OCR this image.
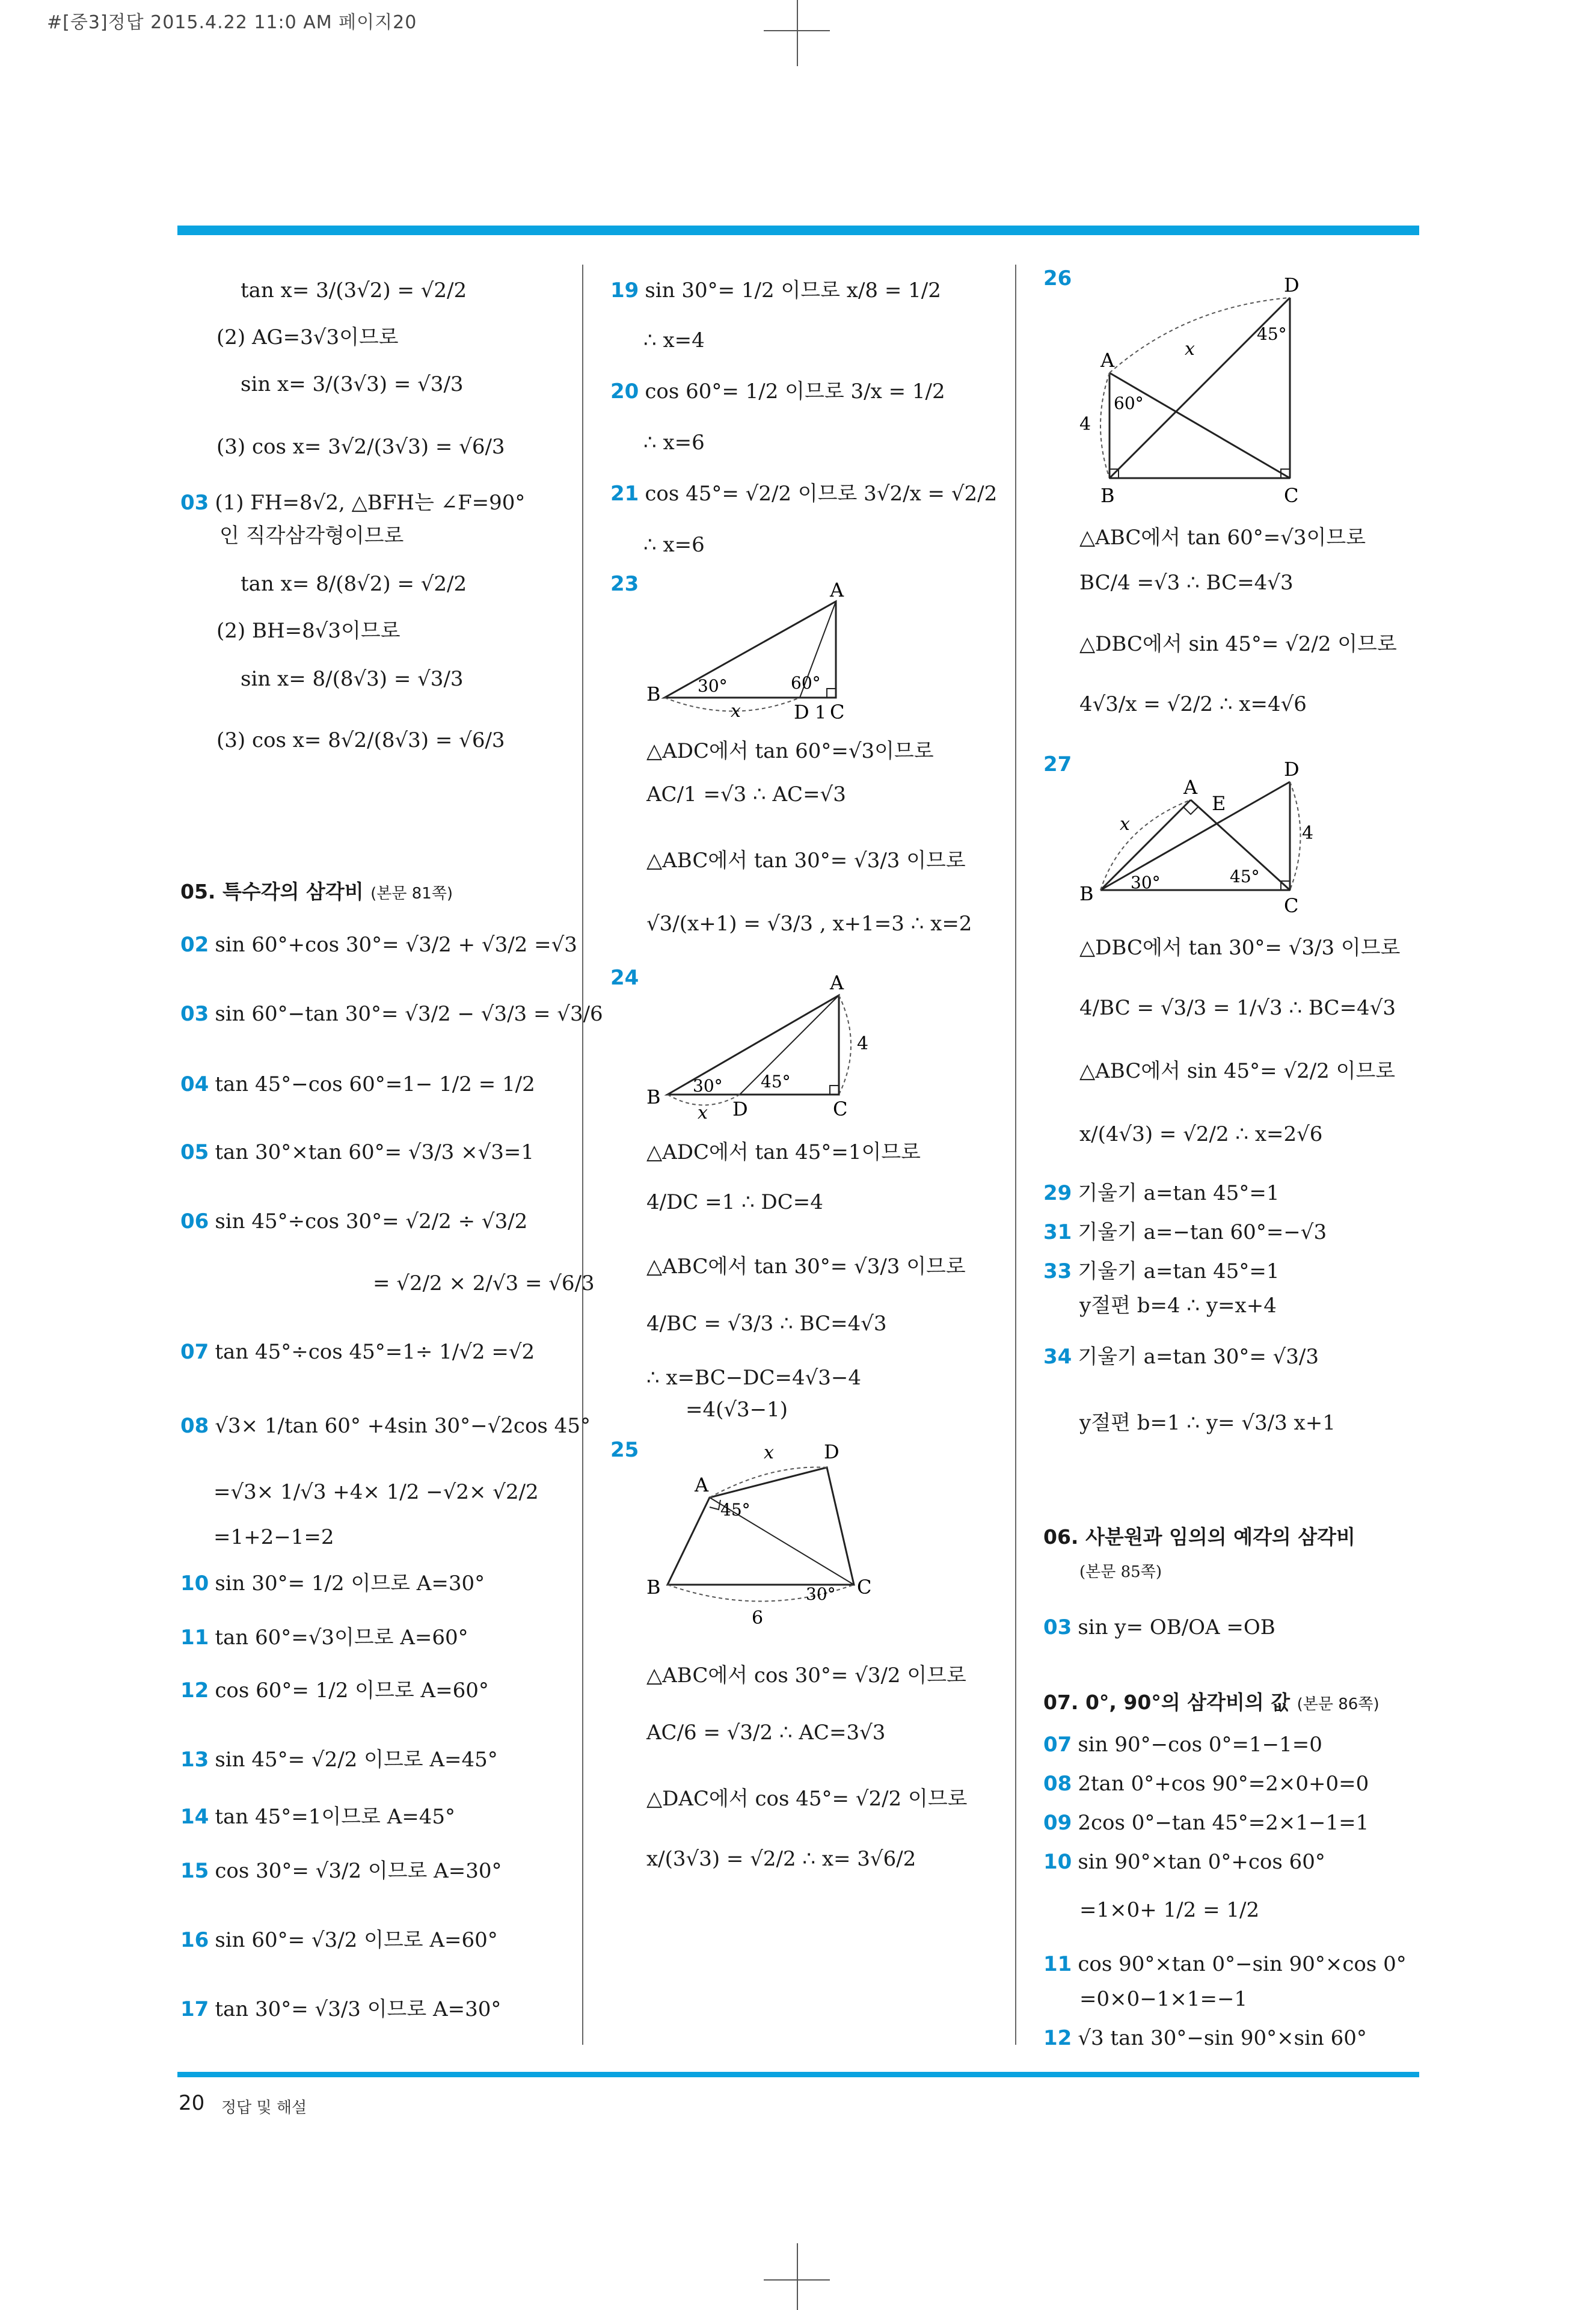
#[중3]정답 2015.4.22 11:0 AM 페이지20
tan x= 3/(3√2) = √2/2
(2) AG=3√3이므로
sin x= 3/(3√3) = √3/3
(3) cos x= 3√2/(3√3) = √6/3
03 (1) FH=8√2, △BFH는 ∠F=90°
인 직각삼각형이므로
tan x= 8/(8√2) = √2/2
(2) BH=8√3이므로
sin x= 8/(8√3) = √3/3
(3) cos x= 8√2/(8√3) = √6/3
05. 특수각의 삼각비 (본문 81쪽)
02 sin 60°+cos 30°= √3/2 + √3/2 =√3
03 sin 60°−tan 30°= √3/2 − √3/3 = √3/6
04 tan 45°−cos 60°=1− 1/2 = 1/2
05 tan 30°×tan 60°= √3/3 ×√3=1
06 sin 45°÷cos 30°= √2/2 ÷ √3/2
= √2/2 × 2/√3 = √6/3
07 tan 45°÷cos 45°=1÷ 1/√2 =√2
08 √3× 1/tan 60° +4sin 30°−√2cos 45°
=√3× 1/√3 +4× 1/2 −√2× √2/2
=1+2−1=2
10 sin 30°= 1/2 이므로 A=30°
11 tan 60°=√3이므로 A=60°
12 cos 60°= 1/2 이므로 A=60°
13 sin 45°= √2/2 이므로 A=45°
14 tan 45°=1이므로 A=45°
15 cos 30°= √3/2 이므로 A=30°
16 sin 60°= √3/2 이므로 A=60°
17 tan 30°= √3/3 이므로 A=30°
19 sin 30°= 1/2 이므로 x/8 = 1/2
∴ x=4
20 cos 60°= 1/2 이므로 3/x = 1/2
∴ x=6
21 cos 45°= √2/2 이므로 3√2/x = √2/2
∴ x=6
23
△ADC에서 tan 60°=√3이므로
AC/1 =√3 ∴ AC=√3
△ABC에서 tan 30°= √3/3 이므로
√3/(x+1) = √3/3 , x+1=3 ∴ x=2
24
△ADC에서 tan 45°=1이므로
4/DC =1 ∴ DC=4
△ABC에서 tan 30°= √3/3 이므로
4/BC = √3/3 ∴ BC=4√3
∴ x=BC−DC=4√3−4
=4(√3−1)
25
△ABC에서 cos 30°= √3/2 이므로
AC/6 = √3/2 ∴ AC=3√3
△DAC에서 cos 45°= √2/2 이므로
x/(3√3) = √2/2 ∴ x= 3√6/2
26
△ABC에서 tan 60°=√3이므로
BC/4 =√3 ∴ BC=4√3
△DBC에서 sin 45°= √2/2 이므로
4√3/x = √2/2 ∴ x=4√6
27
△DBC에서 tan 30°= √3/3 이므로
4/BC = √3/3 = 1/√3 ∴ BC=4√3
△ABC에서 sin 45°= √2/2 이므로
x/(4√3) = √2/2 ∴ x=2√6
29 기울기 a=tan 45°=1
31 기울기 a=−tan 60°=−√3
33 기울기 a=tan 45°=1
y절편 b=4 ∴ y=x+4
34 기울기 a=tan 30°= √3/3
y절편 b=1 ∴ y= √3/3 x+1
06. 사분원과 임의의 예각의 삼각비
(본문 85쪽)
03 sin y= OB/OA =OB
07. 0°, 90°의 삼각비의 값 (본문 86쪽)
07 sin 90°−cos 0°=1−1=0
08 2tan 0°+cos 90°=2×0+0=0
09 2cos 0°−tan 45°=2×1−1=1
10 sin 90°×tan 0°+cos 60°
=1×0+ 1/2 = 1/2
11 cos 90°×tan 0°−sin 90°×cos 0°
=0×0−1×1=−1
12 √3 tan 30°−sin 90°×sin 60°
A
B
D C
30°	60°
x	1
A
B
D	C
30° 45°
x
4
A
B	C
D
45°
30°
x
6
A
B	C
D
60°
45°
x
4
A
B
C
D
E
30°	45°
x	4
20 정답 및 해설
